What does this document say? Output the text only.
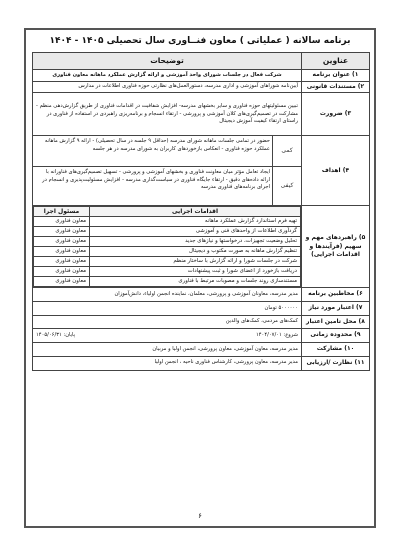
برنامه سالانه ( عملیاتی ) معاون فنــاوری سال تحصیلی ۱۴۰۵ - ۱۴۰۴
عناوین	توضیحات
۱) عنوان برنامه	شرکت فعال در جلسات شورای واحد آموزشی و ارائه گزارش عملکرد ماهانه معاون فناوری
۲) مستندات قانونی	آیین‌نامه شوراهای آموزشی و اداری مدرسه، دستورالعمل‌های نظارتی حوزه فناوری اطلاعات در مدارس
۳) ضرورت	تبیین مسئولیتهای حوزه فناوری و سایر بخشهای مدرسه- افزایش شفافیت در اقدامات فناوری از طریق گزارش‌دهی منظم - مشارکت در تصمیم‌گیری‌های کلان آموزشی و پرورشی - ارتقاء انسجام و برنامه‌ریزی راهبردی در استفاده از فناوری در راستای ارتقاء کیفیت آموزش دیجیتال
۴) اهداف	
کمی
حضور در تمامی جلسات ماهانه شورای مدرسه (حداقل ۹ جلسه در سال تحصیلی) - ارائه ۹ گزارش ماهانه عملکرد حوزه فناوری - انعکاس بازخوردهای کاربران به شورای مدرسه در هر جلسه
کیفی
ایجاد تعامل مؤثر میان معاونت فناوری و بخشهای آموزشی و پرورشی - تسهیل تصمیم‌گیری‌های فناورانه با ارائه داده‌های دقیق - ارتقاء جایگاه فناوری در سیاست‌گذاری مدرسه - افزایش مسئولیت‌پذیری و انسجام در اجرای برنامه‌های فناوری مدرسه

۵) راهبردهای مهم و سهیم (فرآیندها و اقدامات اجرایی)	
اقدامات اجرایی	مسئول اجرا
تهیه فرم استاندارد گزارش عملکرد ماهانه	معاون فناوری
گردآوری اطلاعات از واحدهای فنی و آموزشی	معاون فناوری
تحلیل وضعیت تجهیزات، درخواستها و نیازهای جدید	معاون فناوری
تنظیم گزارش ماهانه به صورت مکتوب و دیجیتال	معاون فناوری
شرکت در جلسات شورا و ارائه گزارش با ساختار منظم	معاون فناوری
دریافت بازخورد از اعضای شورا و ثبت پیشنهادات	معاون فناوری
مستندسازی روند جلسات و مصوبات مرتبط با فناوری	معاون فناوری

۶) مخاطبین برنامه	مدیر مدرسه، معاونان آموزشی و پرورشی، معلمان، نماینده انجمن اولیاء، دانش‌آموزان
۷) اعتبار مورد نیاز	۵۰۰۰۰۰۰ تومان
۸) محل تامین اعتبار	کمک‌های مردمی، کمک‌های والدین
۹) محدوده زمانی	
شروع: ۱۴۰۴/۰۷/۰۱
پایان: ۱۴۰۵/۰۶/۳۱

۱۰) مشارکت	مدیر مدرسه، معاون آموزشی، معاون پرورشی، انجمن اولیا و مربیان
۱۱) نظارت /ارزیابی	مدیر مدرسه، معاون پرورشی، کارشناس فناوری ناحیه ، انجمن اولیا
۶
